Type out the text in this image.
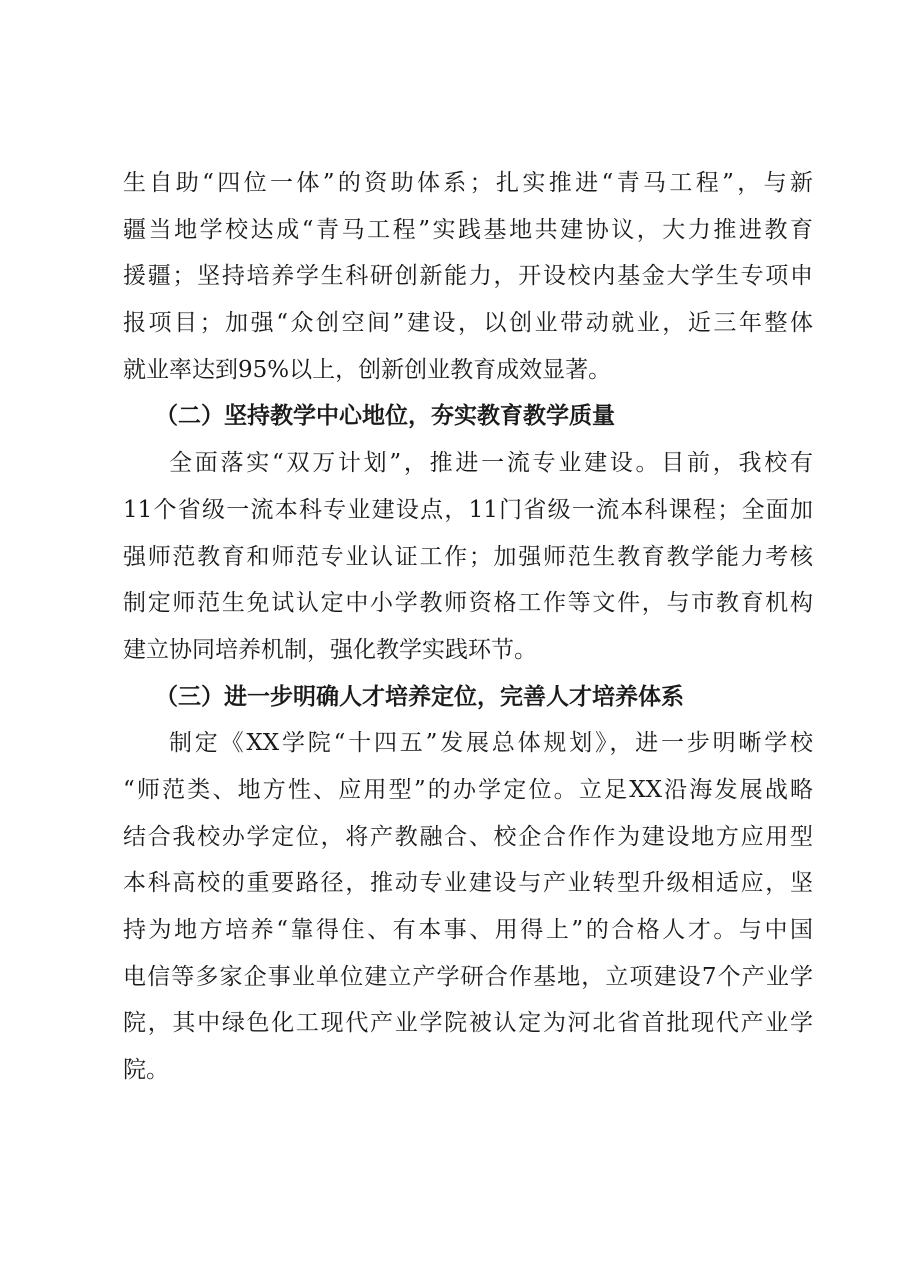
生自助“四位一体”的资助体系；扎实推进“青马工程”，与新
疆当地学校达成“青马工程”实践基地共建协议，大力推进教育
援疆；坚持培养学生科研创新能力，开设校内基金大学生专项申
报项目；加强“众创空间”建设，以创业带动就业，近三年整体
就业率达到95%以上，创新创业教育成效显著。
（二）坚持教学中心地位，夯实教育教学质量
全面落实“双万计划”，推进一流专业建设。目前，我校有
11个省级一流本科专业建设点，11门省级一流本科课程；全面加
强师范教育和师范专业认证工作；加强师范生教育教学能力考核
制定师范生免试认定中小学教师资格工作等文件，与市教育机构
建立协同培养机制，强化教学实践环节。
（三）进一步明确人才培养定位，完善人才培养体系
制定《XX学院“十四五”发展总体规划》，进一步明晰学校
“师范类、地方性、应用型”的办学定位。立足XX沿海发展战略
结合我校办学定位，将产教融合、校企合作作为建设地方应用型
本科高校的重要路径，推动专业建设与产业转型升级相适应，坚
持为地方培养“靠得住、有本事、用得上”的合格人才。与中国
电信等多家企事业单位建立产学研合作基地，立项建设7个产业学
院，其中绿色化工现代产业学院被认定为河北省首批现代产业学
院。
